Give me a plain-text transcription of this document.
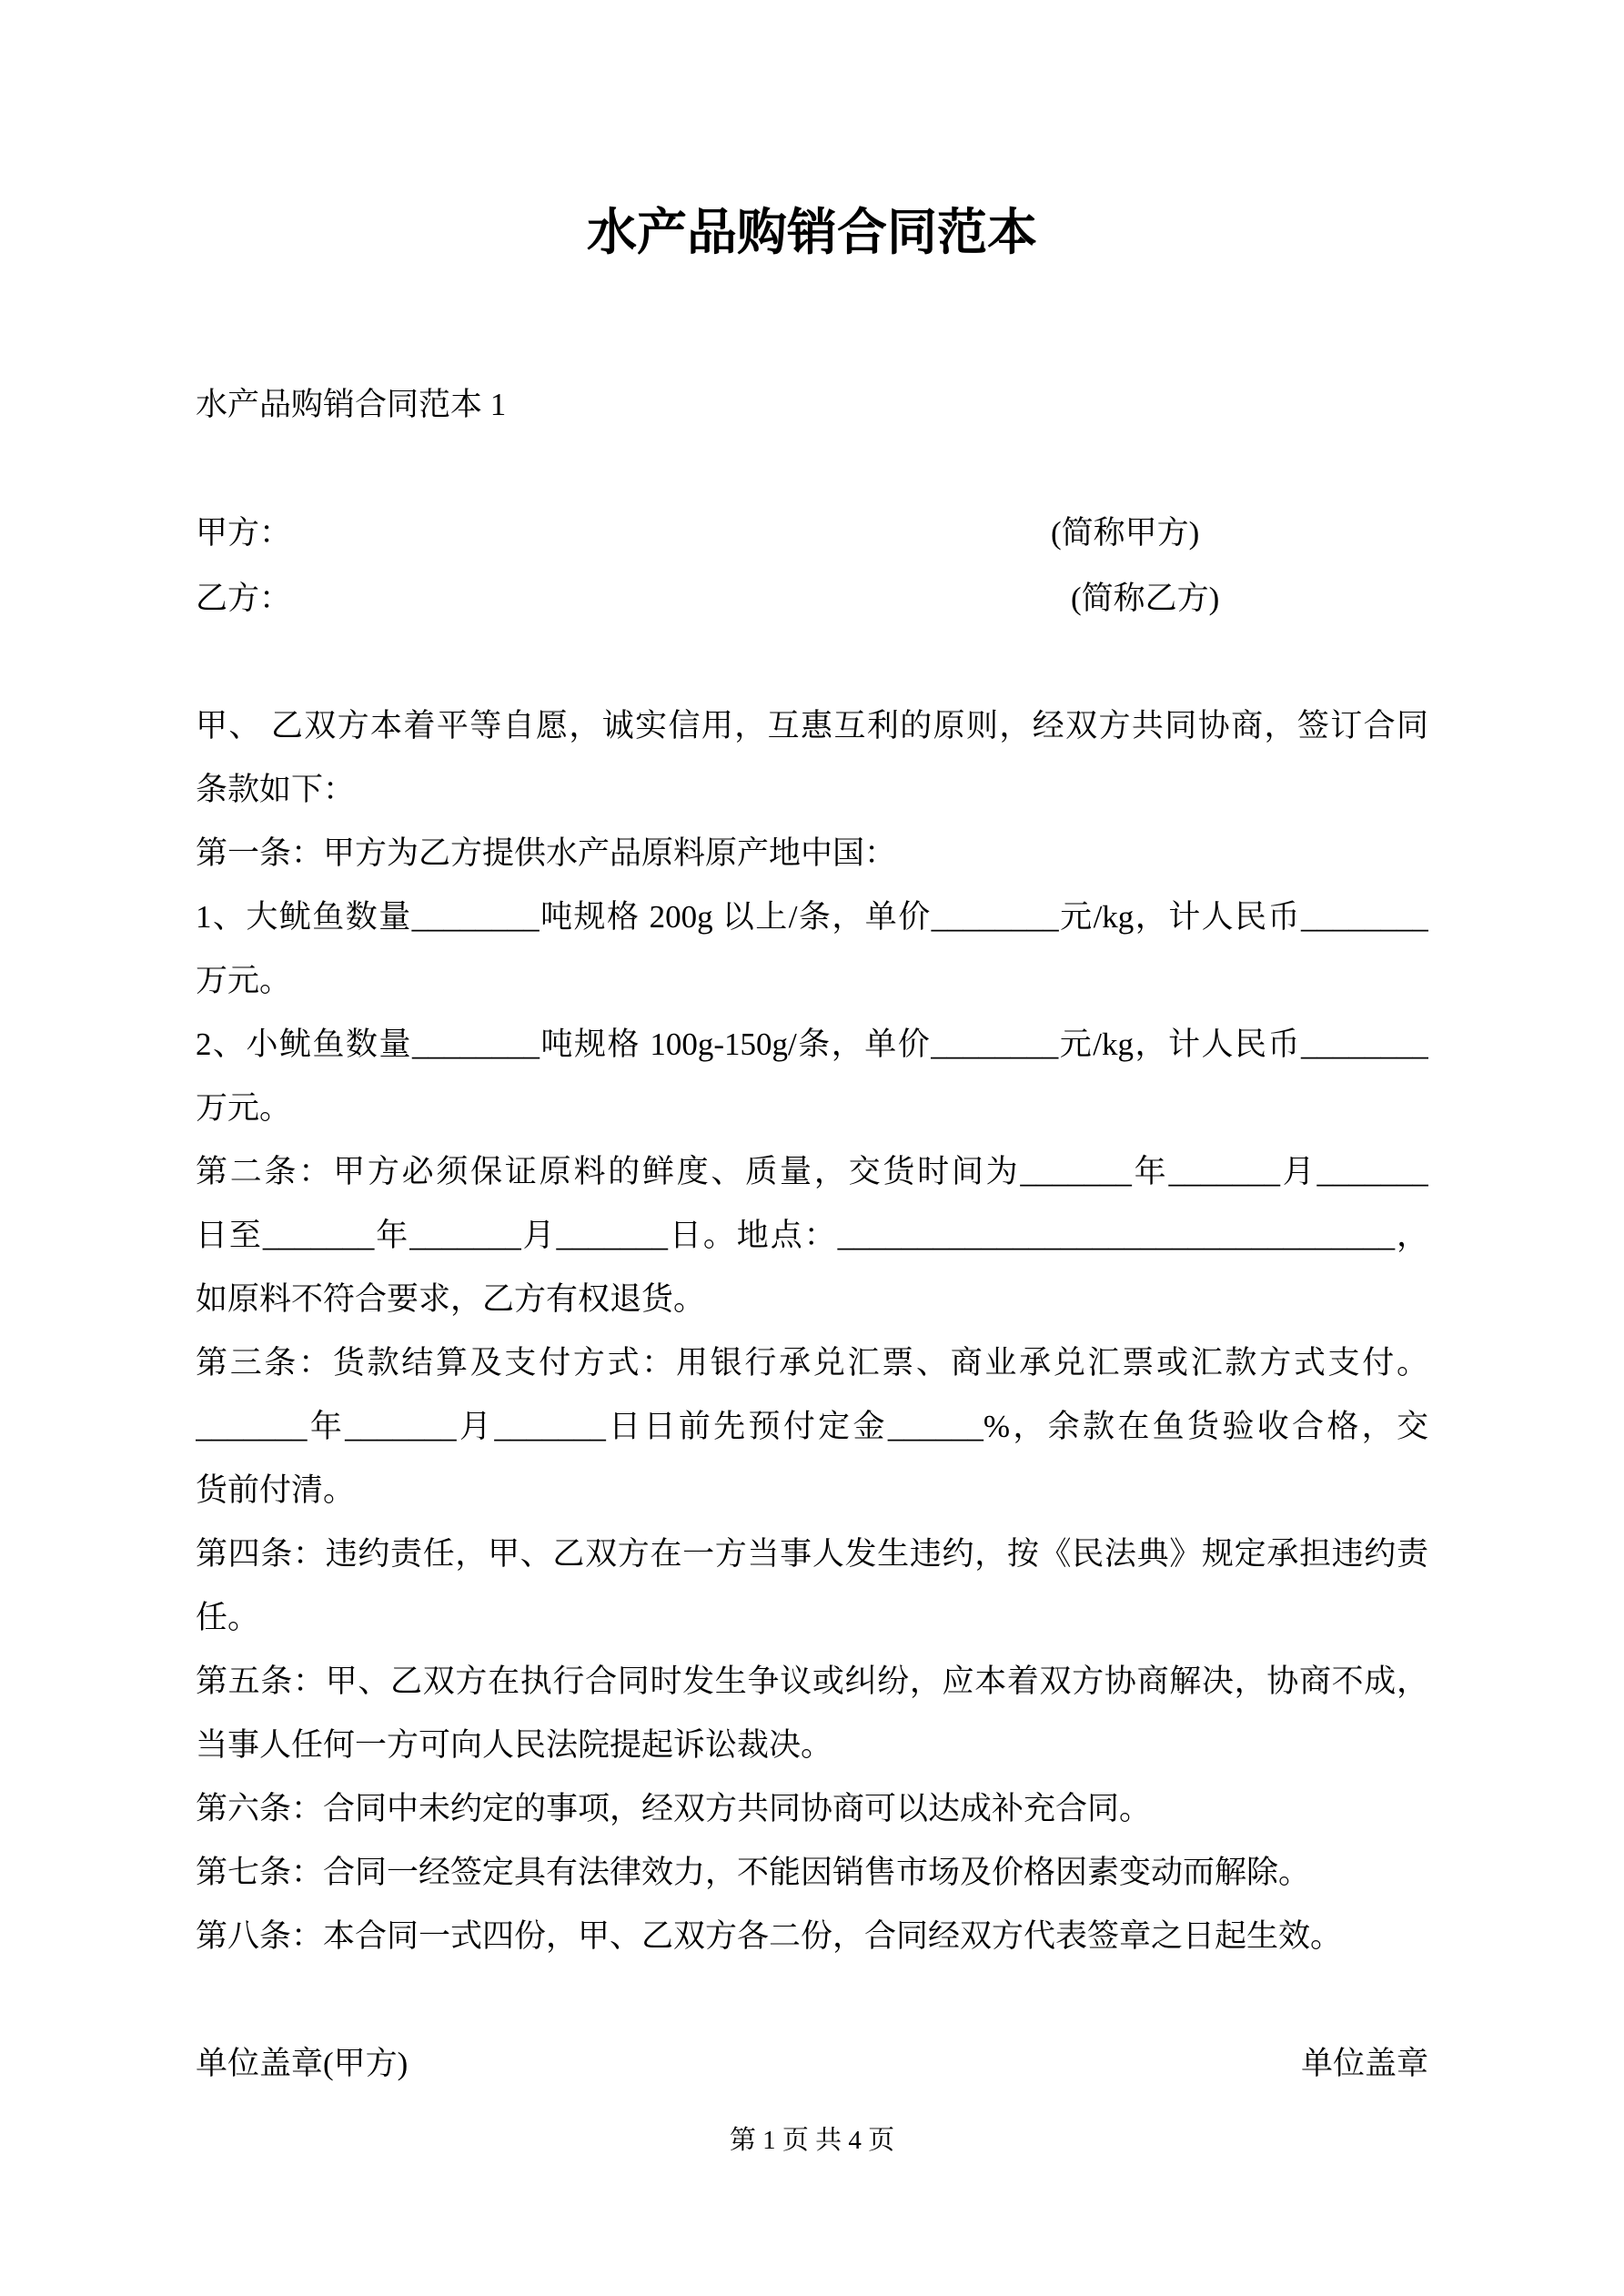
水产品购销合同范本
水产品购销合同范本 1
甲方：	(简称甲方)
乙方：	(简称乙方)
甲、 乙双方本着平等自愿，诚实信用，互惠互利的原则，经双方共同协商，签订合同
条款如下：
第一条：甲方为乙方提供水产品原料原产地中国：
1、大鱿鱼数量________吨规格 200g 以上/条，单价________元/kg，计人民币________
万元。
2、小鱿鱼数量________吨规格 100g-150g/条，单价________元/kg，计人民币________
万元。
第二条：甲方必须保证原料的鲜度、质量，交货时间为_______年_______月_______
日至_______年_______月_______日。地点：___________________________________，
如原料不符合要求，乙方有权退货。
第三条：货款结算及支付方式：用银行承兑汇票、商业承兑汇票或汇款方式支付。
_______年_______月_______日日前先预付定金______%，余款在鱼货验收合格，交
货前付清。
第四条：违约责任，甲、乙双方在一方当事人发生违约，按《民法典》规定承担违约责
任。
第五条：甲、乙双方在执行合同时发生争议或纠纷，应本着双方协商解决，协商不成，
当事人任何一方可向人民法院提起诉讼裁决。
第六条：合同中未约定的事项，经双方共同协商可以达成补充合同。
第七条：合同一经签定具有法律效力，不能因销售市场及价格因素变动而解除。
第八条：本合同一式四份，甲、乙双方各二份，合同经双方代表签章之日起生效。
单位盖章(甲方)	单位盖章
第 1 页 共 4 页
